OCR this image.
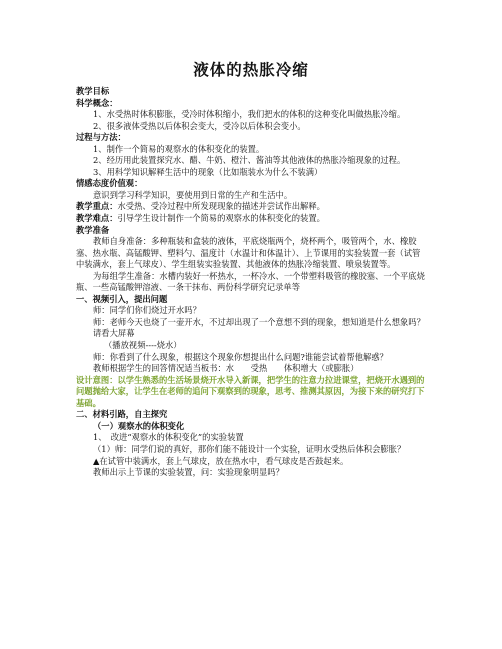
液体的热胀冷缩

教学目标

科学概念：

1、水受热时体积膨胀，受冷时体积缩小，我们把水的体积的这种变化叫做热胀冷缩。

2、很多液体受热以后体积会变大，受冷以后体积会变小。

过程与方法：

1、制作一个简易的观察水的体积变化的装置。

2、经历用此装置探究水、醋、牛奶、橙汁、酱油等其他液体的热胀冷缩现象的过程。

3、用科学知识解释生活中的现象（比如瓶装水为什么不装满）

情感态度价值观：

意识到学习科学知识，要使用到日常的生产和生活中。

教学重点：水受热、受冷过程中所发现现象的描述并尝试作出解释。

教学难点：引导学生设计制作一个简易的观察水的体积变化的装置。

教学准备

教师自身准备：多种瓶装和盒装的液体，平底烧瓶两个，烧杯两个，吸管两个，水、橡胶塞、热水瓶、高锰酸钾、塑料勺、温度计（水温计和体温计）、上节课用的实验装置一套（试管中装满水，套上气球皮）、学生组装实验装置、其他液体的热胀冷缩装置、喷泉装置等。

为每组学生准备：水槽内装好一杯热水，一杯冷水、一个带塑料吸管的橡胶塞、一个平底烧瓶、一些高锰酸钾溶液、一条干抹布、两份科学研究记录单等

一、视频引入，提出问题

师：同学们你们烧过开水吗？

师：老师今天也烧了一壶开水，不过却出现了一个意想不到的现象，想知道是什么想象吗？请看大屏幕

（播放视频----烧水）

师：你看到了什么现象，根据这个现象你想提出什么问题?谁能尝试着帮他解惑？

教师根据学生的回答情况适当板书：水　　受热　　体积增大（或膨胀）

设计意图：以学生熟悉的生活场景烧开水导入新课，把学生的注意力拉进课堂，把烧开水遇到的问题抛给大家，让学生在老师的追问下观察到的现象，思考、推测其原因，为接下来的研究打下基础。

二、材料引路，自主探究

（一）观察水的体积变化

1、　改进“观察水的体积变化”的实验装置

（1）师：同学们说的真好，那你们能不能设计一个实验，证明水受热后体积会膨胀？

▲在试管中装满水，套上气球皮，放在热水中，看气球皮是否鼓起来。

教师出示上节课的实验装置，问：实验现象明显吗？
